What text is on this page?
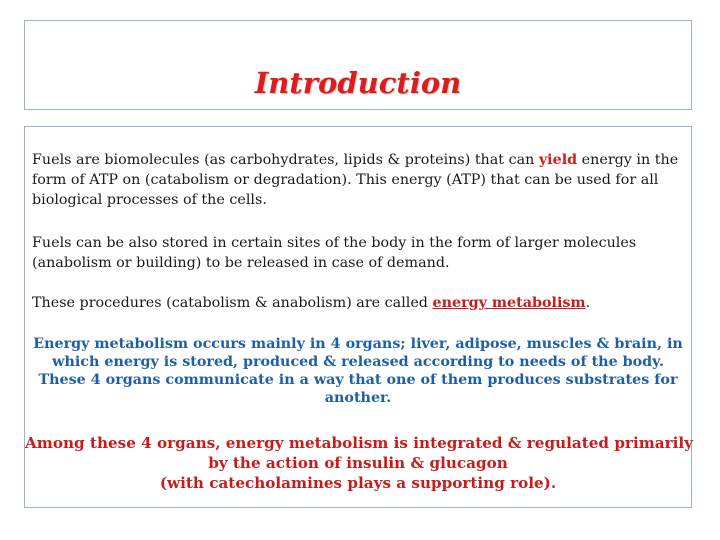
Introduction
Fuels are biomolecules (as carbohydrates, lipids & proteins) that can yield energy in the form of ATP on (catabolism or degradation). This energy (ATP) that can be used for all biological processes of the cells.
Fuels can be also stored in certain sites of the body in the form of larger molecules (anabolism or building) to be released in case of demand.
These procedures (catabolism & anabolism) are called energy metabolism.
Energy metabolism occurs mainly in 4 organs; liver, adipose, muscles & brain, in
which energy is stored, produced & released according to needs of the body.
These 4 organs communicate in a way that one of them produces substrates for
another.
Among these 4 organs, energy metabolism is integrated & regulated primarily
by the action of insulin & glucagon
(with catecholamines plays a supporting role).
